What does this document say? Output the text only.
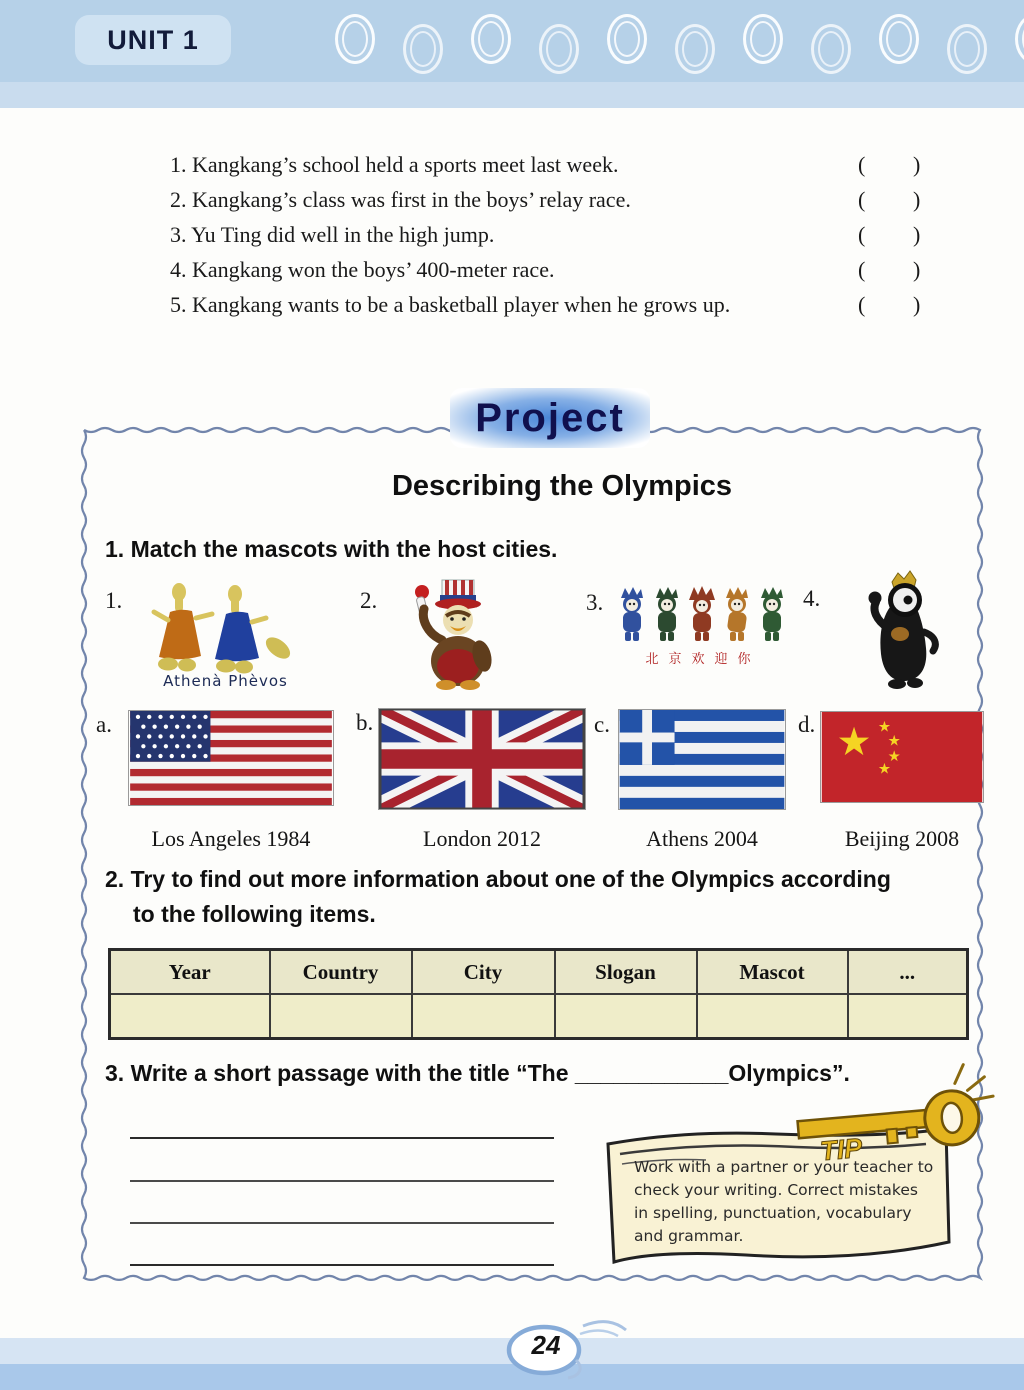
UNIT 1
1. Kangkang’s school held a sports meet last week.	( )
2. Kangkang’s class was first in the boys’ relay race.	( )
3. Yu Ting did well in the high jump.	( )
4. Kangkang won the boys’ 400-meter race.	( )
5. Kangkang wants to be a basketball player when he grows up.	( )
Project
Describing the Olympics
1. Match the mascots with the host cities.
1.	2.	3.	4.
Athenà Phèvos
北京欢迎你
a.	b.	c.	d. ★ ★
★
★
★
Los Angeles 1984	London 2012	Athens 2004	Beijing 2008
2. Try to find out more information about one of the Olympics according
to the following items.
Year	Country	City	Slogan	Mascot	...

3. Write a short passage with the title “The ____________Olympics”.
TIP
Work with a partner or your teacher to check your writing. Correct mistakes in spelling, punctuation, vocabulary and grammar.
24
